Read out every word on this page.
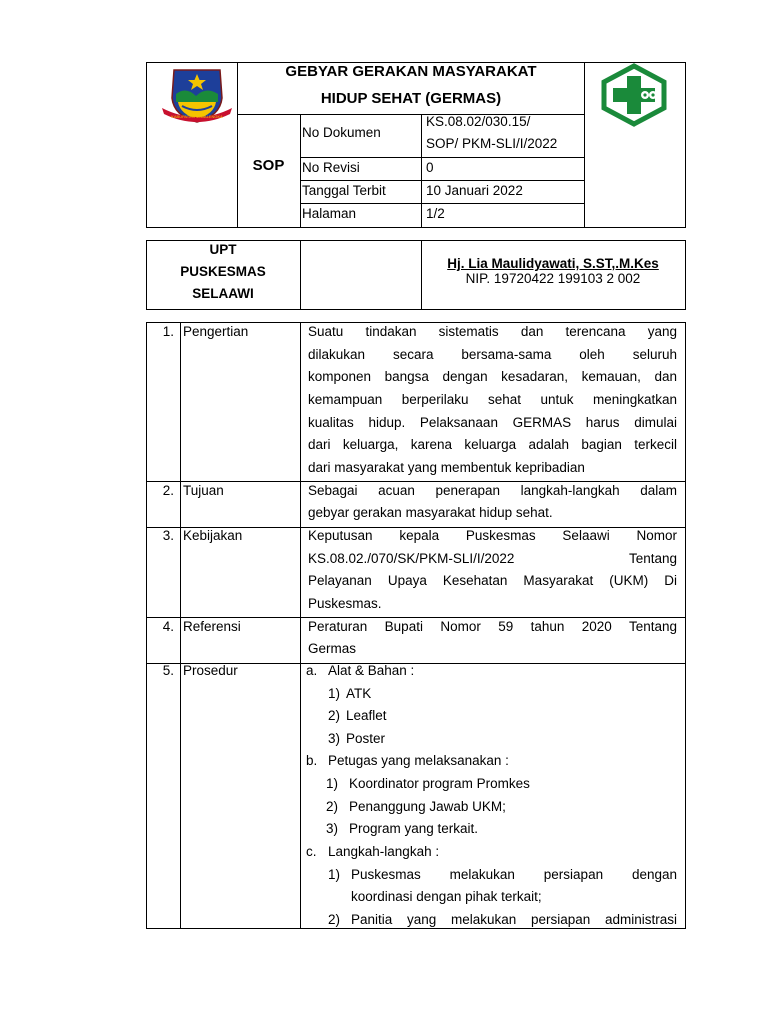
KABUPATEN MAJALENGKA
GEBYAR GERAKAN MASYARAKAT
HIDUP SEHAT (GERMAS)
SOP
No Dokumen
KS.08.02/030.15/
SOP/ PKM-SLI/I/2022
No Revisi	0
Tanggal Terbit	10 Januari 2022
Halaman	1/2
UPT
PUSKESMAS
SELAAWI
Hj. Lia Maulidyawati, S.ST,.M.Kes
NIP. 19720422 199103 2 002
1. Pengertian	Suatu tindakan sistematis dan terencana yang
dilakukan secara bersama-sama oleh seluruh
komponen bangsa dengan kesadaran, kemauan, dan
kemampuan berperilaku sehat untuk meningkatkan
kualitas hidup. Pelaksanaan GERMAS harus dimulai
dari keluarga, karena keluarga adalah bagian terkecil
dari masyarakat yang membentuk kepribadian
2. Tujuan	Sebagai acuan penerapan langkah-langkah dalam
gebyar gerakan masyarakat hidup sehat.
3. Kebijakan	Keputusan kepala Puskesmas Selaawi Nomor
KS.08.02./070/SK/PKM-SLI/I/2022 Tentang
Pelayanan Upaya Kesehatan Masyarakat (UKM) Di
Puskesmas.
4. Referensi	Peraturan Bupati Nomor 59 tahun 2020 Tentang
Germas
5. Prosedur	a. Alat & Bahan :
1) ATK
2) Leaflet
3) Poster
b. Petugas yang melaksanakan :
1) Koordinator program Promkes
2) Penanggung Jawab UKM;
3) Program yang terkait.
c. Langkah-langkah :
1) Puskesmas melakukan persiapan dengan
koordinasi dengan pihak terkait;
2) Panitia yang melakukan persiapan administrasi
